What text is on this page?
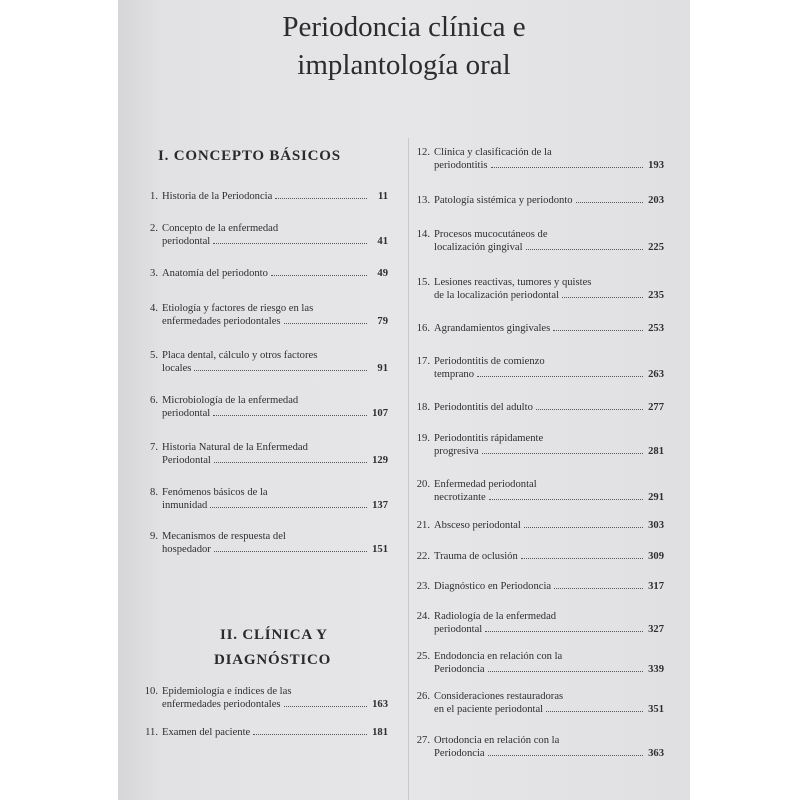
Periodoncia clínica e
implantología oral
I. CONCEPTO BÁSICOS
II. CLÍNICA Y
DIAGNÓSTICO
1. Historia de la Periodoncia	11
2. Concepto de la enfermedad
periodontal	41
3. Anatomía del periodonto	49
4. Etiología y factores de riesgo en las
enfermedades periodontales	79
5. Placa dental, cálculo y otros factores
locales	91
6. Microbiología de la enfermedad
periodontal	107
7. Historia Natural de la Enfermedad
Periodontal	129
8. Fenómenos básicos de la
inmunidad	137
9. Mecanismos de respuesta del
hospedador	151
10. Epidemiología e índices de las
enfermedades periodontales	163
11. Examen del paciente	181
12. Clínica y clasificación de la
periodontitis	193
13. Patología sistémica y periodonto	203
14. Procesos mucocutáneos de
localización gingival	225
15. Lesiones reactivas, tumores y quistes
de la localización periodontal	235
16. Agrandamientos gingivales	253
17. Periodontitis de comienzo
temprano	263
18. Periodontitis del adulto	277
19. Periodontitis rápidamente
progresiva	281
20. Enfermedad periodontal
necrotizante	291
21. Absceso periodontal	303
22. Trauma de oclusión	309
23. Diagnóstico en Periodoncia	317
24. Radiología de la enfermedad
periodontal	327
25. Endodoncia en relación con la
Periodoncia	339
26. Consideraciones restauradoras
en el paciente periodontal	351
27. Ortodoncia en relación con la
Periodoncia	363
